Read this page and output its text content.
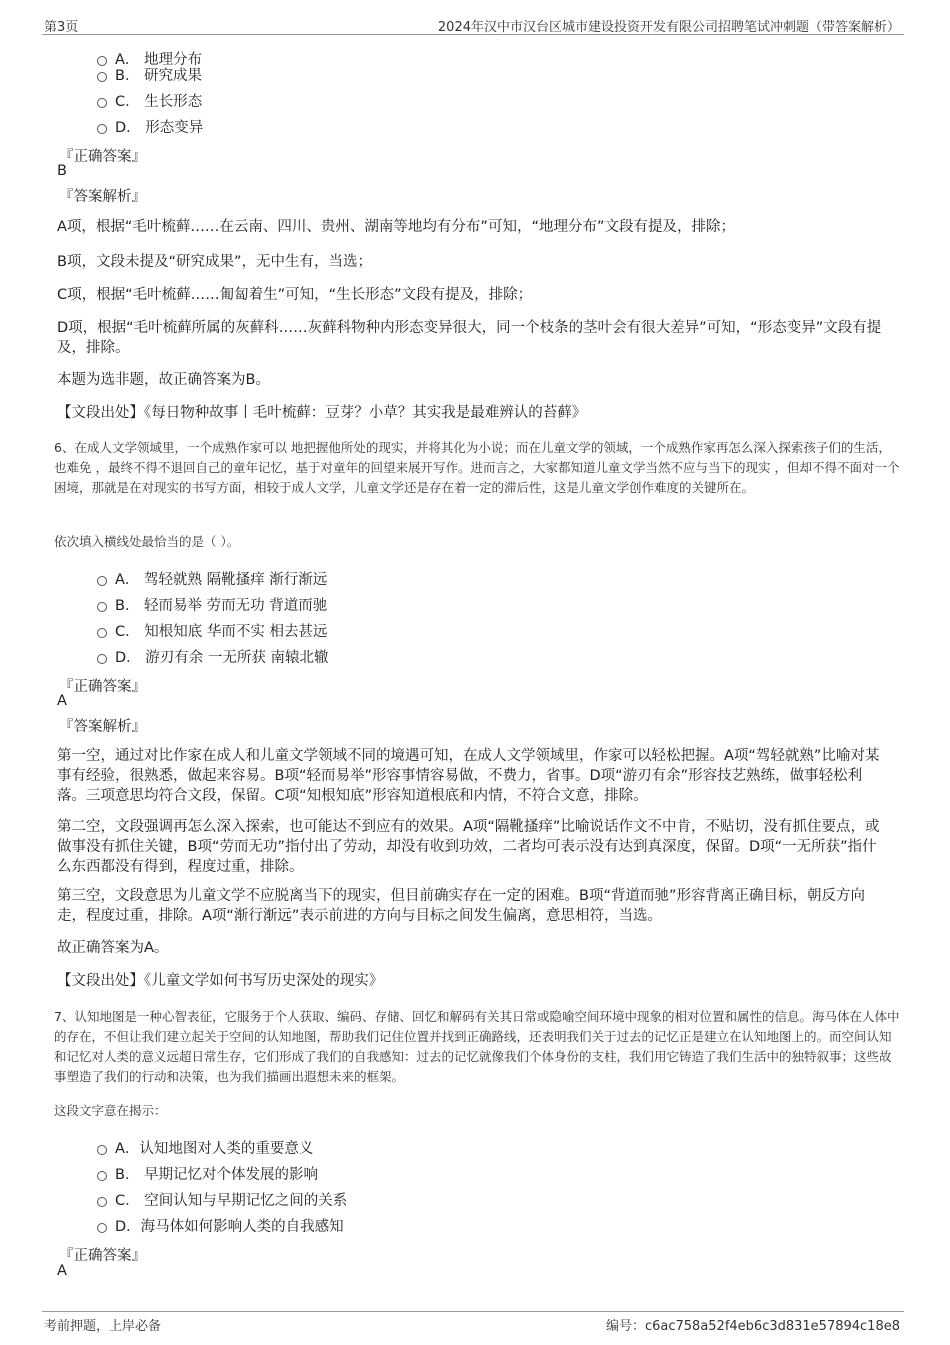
第3页	2024年汉中市汉台区城市建设投资开发有限公司招聘笔试冲刺题（带答案解析）
A． 地理分布
B． 研究成果
C． 生长形态
D． 形态变异
『正确答案』
B
『答案解析』
A项，根据“毛叶梳藓……在云南、四川、贵州、湖南等地均有分布”可知，“地理分布”文段有提及，排除；
B项，文段未提及“研究成果”，无中生有，当选；
C项，根据“毛叶梳藓……匍匐着生”可知，“生长形态”文段有提及，排除；
D项，根据“毛叶梳藓所属的灰藓科……灰藓科物种内形态变异很大，同一个枝条的茎叶会有很大差异”可知，“形态变异”文段有提及，排除。
本题为选非题，故正确答案为B。
【文段出处】《每日物种故事丨毛叶梳藓：豆芽？小草？其实我是最难辨认的苔藓》
6、在成人文学领域里，一个成熟作家可以 地把握他所处的现实，并将其化为小说；而在儿童文学的领域，一个成熟作家再怎么深入探索孩子们的生活，也难免 ，最终不得不退回自己的童年记忆，基于对童年的回望来展开写作。进而言之，大家都知道儿童文学当然不应与当下的现实 ，但却不得不面对一个困境，那就是在对现实的书写方面，相较于成人文学，儿童文学还是存在着一定的滞后性，这是儿童文学创作难度的关键所在。
依次填入横线处最恰当的是（ ）。
A． 驾轻就熟 隔靴搔痒 渐行渐远
B． 轻而易举 劳而无功 背道而驰
C． 知根知底 华而不实 相去甚远
D． 游刃有余 一无所获 南辕北辙
『正确答案』
A
『答案解析』
第一空，通过对比作家在成人和儿童文学领域不同的境遇可知，在成人文学领域里，作家可以轻松把握。A项“驾轻就熟”比喻对某事有经验，很熟悉，做起来容易。B项“轻而易举”形容事情容易做，不费力，省事。D项“游刃有余”形容技艺熟练，做事轻松利落。三项意思均符合文段，保留。C项“知根知底”形容知道根底和内情，不符合文意，排除。
第二空，文段强调再怎么深入探索，也可能达不到应有的效果。A项“隔靴搔痒”比喻说话作文不中肯，不贴切，没有抓住要点，或做事没有抓住关键，B项“劳而无功”指付出了劳动，却没有收到功效，二者均可表示没有达到真深度，保留。D项“一无所获”指什么东西都没有得到，程度过重，排除。
第三空，文段意思为儿童文学不应脱离当下的现实，但目前确实存在一定的困难。B项“背道而驰”形容背离正确目标，朝反方向走，程度过重，排除。A项“渐行渐远”表示前进的方向与目标之间发生偏离，意思相符，当选。
故正确答案为A。
【文段出处】《儿童文学如何书写历史深处的现实》
7、认知地图是一种心智表征，它服务于个人获取、编码、存储、回忆和解码有关其日常或隐喻空间环境中现象的相对位置和属性的信息。海马体在人体中的存在，不但让我们建立起关于空间的认知地图，帮助我们记住位置并找到正确路线，还表明我们关于过去的记忆正是建立在认知地图上的。而空间认知和记忆对人类的意义远超日常生存，它们形成了我们的自我感知：过去的记忆就像我们个体身份的支柱，我们用它铸造了我们生活中的独特叙事；这些故事塑造了我们的行动和决策，也为我们描画出遐想未来的框架。
这段文字意在揭示：
A．认知地图对人类的重要意义
B． 早期记忆对个体发展的影响
C． 空间认知与早期记忆之间的关系
D．海马体如何影响人类的自我感知
『正确答案』
A
考前押题，上岸必备	编号：c6ac758a52f4eb6c3d831e57894c18e8
